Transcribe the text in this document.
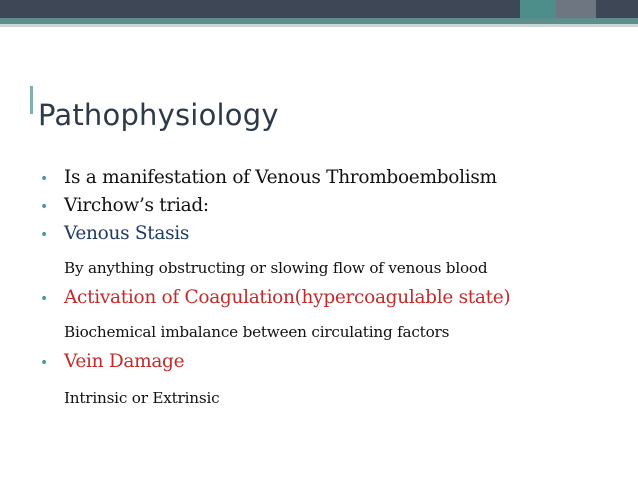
Pathophysiology
• Is a manifestation of Venous Thromboembolism
• Virchow’s triad:
• Venous Stasis
By anything obstructing or slowing flow of venous blood
• Activation of Coagulation(hypercoagulable state)
Biochemical imbalance between circulating factors
• Vein Damage
Intrinsic or Extrinsic
